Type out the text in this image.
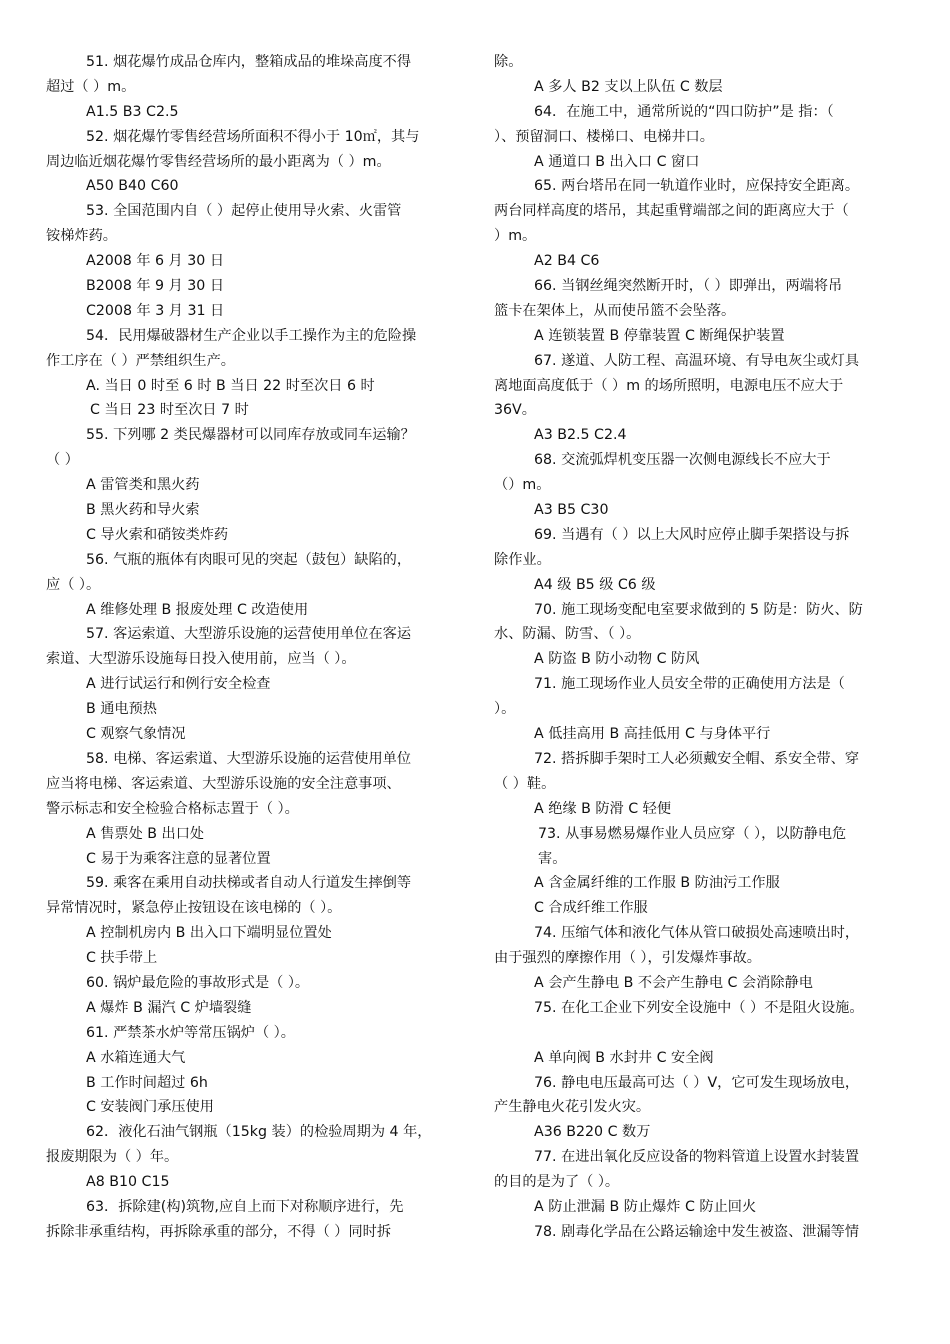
51. 烟花爆竹成品仓库内，整箱成品的堆垛高度不得
超过（ ）m。
A1.5 B3 C2.5
52. 烟花爆竹零售经营场所面积不得小于 10㎡，其与
周边临近烟花爆竹零售经营场所的最小距离为（ ）m。
A50 B40 C60
53. 全国范围内自（ ）起停止使用导火索、火雷管
铵梯炸药。
A2008 年 6 月 30 日
B2008 年 9 月 30 日
C2008 年 3 月 31 日
54．民用爆破器材生产企业以手工操作为主的危险操
作工序在（ ）严禁组织生产。
A. 当日 0 时至 6 时 B 当日 22 时至次日 6 时
C 当日 23 时至次日 7 时
55. 下列哪 2 类民爆器材可以同库存放或同车运输？
（ ）
A 雷管类和黑火药
B 黑火药和导火索
C 导火索和硝铵类炸药
56. 气瓶的瓶体有肉眼可见的突起（鼓包）缺陷的，
应（ ）。
A 维修处理 B 报废处理 C 改造使用
57. 客运索道、大型游乐设施的运营使用单位在客运
索道、大型游乐设施每日投入使用前，应当（ ）。
A 进行试运行和例行安全检查
B 通电预热
C 观察气象情况
58. 电梯、客运索道、大型游乐设施的运营使用单位
应当将电梯、客运索道、大型游乐设施的安全注意事项、
警示标志和安全检验合格标志置于（ ）。
A 售票处 B 出口处
C 易于为乘客注意的显著位置
59. 乘客在乘用自动扶梯或者自动人行道发生摔倒等
异常情况时，紧急停止按钮设在该电梯的（ ）。
A 控制机房内 B 出入口下端明显位置处
C 扶手带上
60. 锅炉最危险的事故形式是（ ）。
A 爆炸 B 漏汽 C 炉墙裂缝
61. 严禁茶水炉等常压锅炉（ ）。
A 水箱连通大气
B 工作时间超过 6h
C 安装阀门承压使用
62．液化石油气钢瓶（15kg 装）的检验周期为 4 年，
报废期限为（ ）年。
A8 B10 C15
63．拆除建(构)筑物,应自上而下对称顺序进行，先
拆除非承重结构，再拆除承重的部分，不得（ ）同时拆
除。
A 多人 B2 支以上队伍 C 数层
64．在施工中，通常所说的“四口防护”是 指：（
）、预留洞口、楼梯口、电梯井口。
A 通道口 B 出入口 C 窗口
65. 两台塔吊在同一轨道作业时，应保持安全距离。
两台同样高度的塔吊，其起重臂端部之间的距离应大于（
）m。
A2 B4 C6
66. 当钢丝绳突然断开时，（ ）即弹出，两端将吊
篮卡在架体上，从而使吊篮不会坠落。
A 连锁装置 B 停靠装置 C 断绳保护装置
67. 遂道、人防工程、高温环境、有导电灰尘或灯具
离地面高度低于（ ）m 的场所照明，电源电压不应大于
36V。
A3 B2.5 C2.4
68. 交流弧焊机变压器一次侧电源线长不应大于
（）m。
A3 B5 C30
69. 当遇有（ ）以上大风时应停止脚手架搭设与拆
除作业。
A4 级 B5 级 C6 级
70. 施工现场变配电室要求做到的 5 防是：防火、防
水、防漏、防雪、（ ）。
A 防盗 B 防小动物 C 防风
71. 施工现场作业人员安全带的正确使用方法是（
）。
A 低挂高用 B 高挂低用 C 与身体平行
72. 搭拆脚手架时工人必须戴安全帽、系安全带、穿
（ ）鞋。
A 绝缘 B 防滑 C 轻便
73. 从事易燃易爆作业人员应穿（ ），以防静电危
害。
A 含金属纤维的工作服 B 防油污工作服
C 合成纤维工作服
74. 压缩气体和液化气体从管口破损处高速喷出时，
由于强烈的摩擦作用（ ），引发爆炸事故。
A 会产生静电 B 不会产生静电 C 会消除静电
75. 在化工企业下列安全设施中（ ）不是阻火设施。
A 单向阀 B 水封井 C 安全阀
76. 静电电压最高可达（ ）V，它可发生现场放电，
产生静电火花引发火灾。
A36 B220 C 数万
77. 在进出氧化反应设备的物料管道上设置水封装置
的目的是为了（ ）。
A 防止泄漏 B 防止爆炸 C 防止回火
78. 剧毒化学品在公路运输途中发生被盗、泄漏等情
